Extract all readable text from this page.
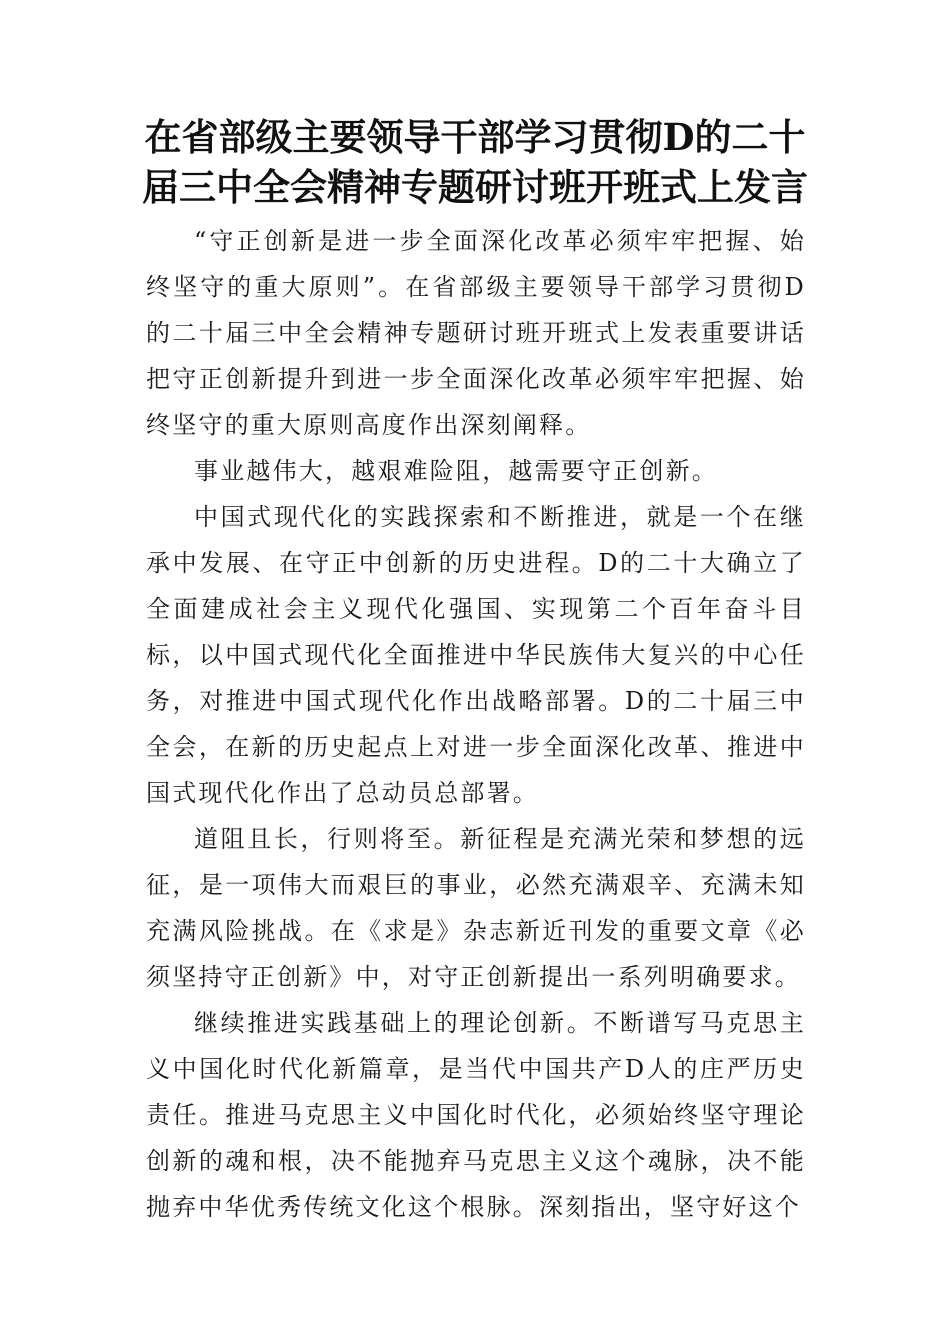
在省部级主要领导干部学习贯彻D的二十届三中全会精神专题研讨班开班式上发言

“守正创新是进一步全面深化改革必须牢牢把握、始终坚守的重大原则”。在省部级主要领导干部学习贯彻D的二十届三中全会精神专题研讨班开班式上发表重要讲话把守正创新提升到进一步全面深化改革必须牢牢把握、始终坚守的重大原则高度作出深刻阐释。

事业越伟大，越艰难险阻，越需要守正创新。

中国式现代化的实践探索和不断推进，就是一个在继承中发展、在守正中创新的历史进程。D的二十大确立了全面建成社会主义现代化强国、实现第二个百年奋斗目标，以中国式现代化全面推进中华民族伟大复兴的中心任务，对推进中国式现代化作出战略部署。D的二十届三中全会，在新的历史起点上对进一步全面深化改革、推进中国式现代化作出了总动员总部署。

道阻且长，行则将至。新征程是充满光荣和梦想的远征，是一项伟大而艰巨的事业，必然充满艰辛、充满未知充满风险挑战。在《求是》杂志新近刊发的重要文章《必须坚持守正创新》中，对守正创新提出一系列明确要求。

继续推进实践基础上的理论创新。不断谱写马克思主义中国化时代化新篇章，是当代中国共产D人的庄严历史责任。推进马克思主义中国化时代化，必须始终坚守理论创新的魂和根，决不能抛弃马克思主义这个魂脉，决不能抛弃中华优秀传统文化这个根脉。深刻指出，坚守好这个
